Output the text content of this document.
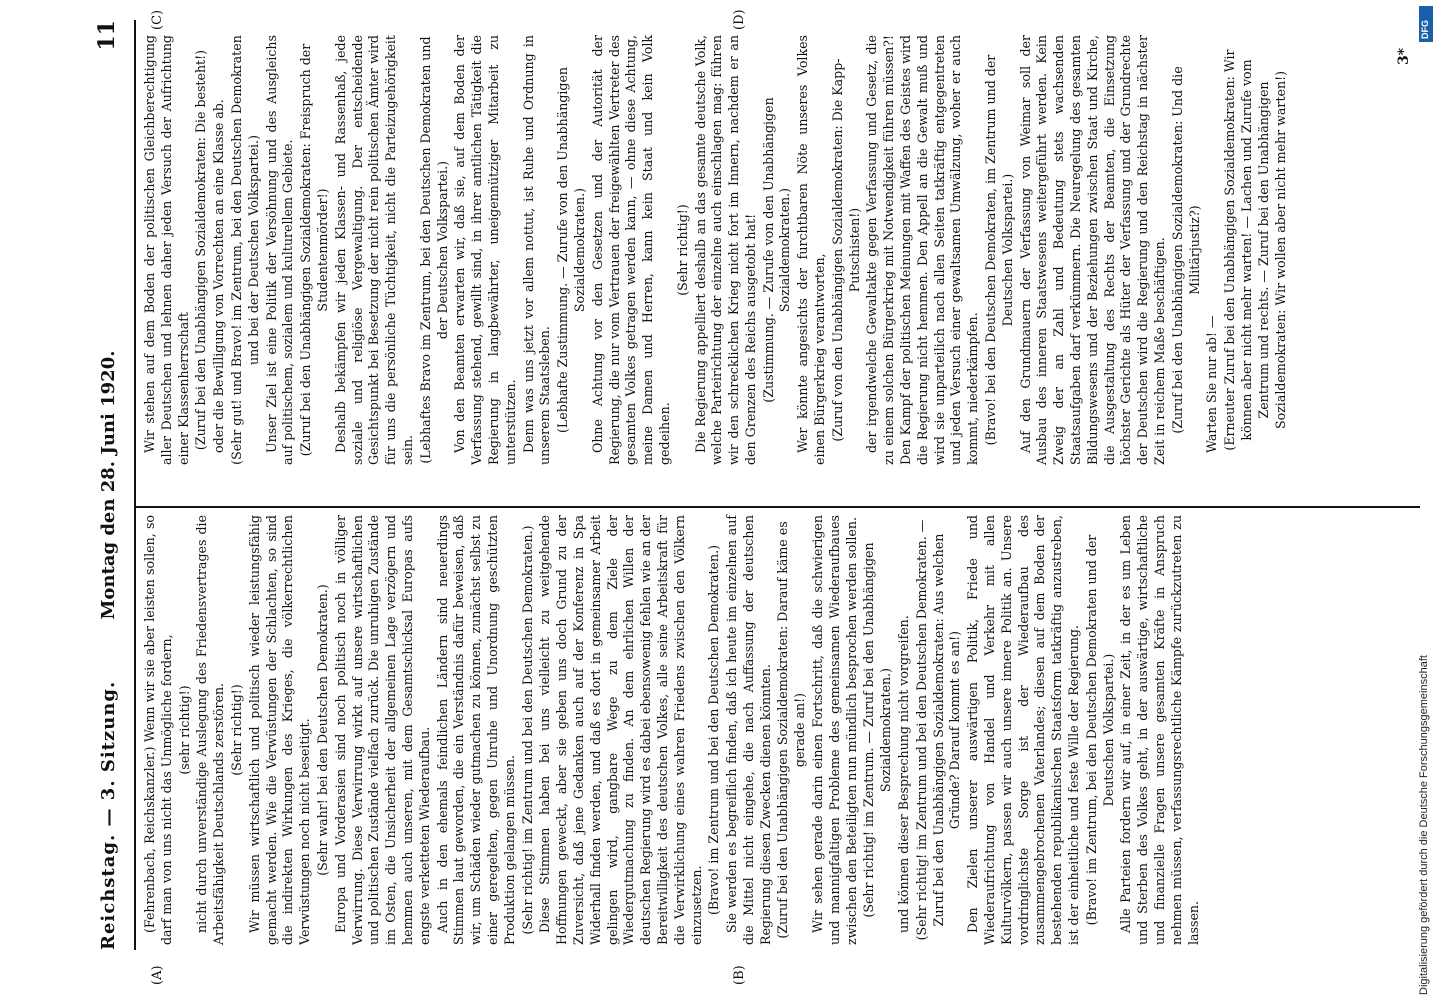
Reichstag. — 3. Sitzung.
Montag den 28. Juni 1920.
11
(A)	(B)
(C)	(D)

(Fehrenbach, Reichskanzler.) Wenn wir sie aber leisten sollen, so darf man von uns nicht das Unmögliche fordern, (sehr richtig!) nicht durch unverständige Auslegung des Friedensvertrages die Arbeitsfähigkeit Deutschlands zerstören. (Sehr richtig!) Wir müssen wirtschaftlich und politisch wieder leistungsfähig gemacht werden. Wie die Verwüstungen der Schlachten, so sind die indirekten Wirkungen des Krieges, die völkerrechtlichen Verwüstungen noch nicht beseitigt. (Sehr wahr! bei den Deutschen Demokraten.) Europa und Vorderasien sind noch politisch noch in völliger Verwirrung. Diese Verwirrung wirkt auf unsere wirtschaftlichen und politischen Zustände vielfach zurück. Die unruhigen Zustände im Osten, die Unsicherheit der allgemeinen Lage verzögern und hemmen auch unseren, mit dem Gesamtschicksal Europas aufs engste verketteten Wiederaufbau. Auch in den ehemals feindlichen Ländern sind neuerdings Stimmen laut geworden, die ein Verständnis dafür beweisen, daß wir, um Schäden wieder gutmachen zu können, zunächst selbst zu einer geregelten, gegen Unruhe und Unordnung geschützten Produktion gelangen müssen. (Sehr richtig! im Zentrum und bei den Deutschen Demokraten.) Diese Stimmen haben bei uns vielleicht zu weitgehende Hoffnungen geweckt, aber sie geben uns doch Grund zu der Zuversicht, daß jene Gedanken auch auf der Konferenz in Spa Widerhall finden werden, und daß es dort in gemeinsamer Arbeit gelingen wird, gangbare Wege zu dem Ziele der Wiedergutmachung zu finden. An dem ehrlichen Willen der deutschen Regierung wird es dabei ebensowenig fehlen wie an der Bereitwilligkeit des deutschen Volkes, alle seine Arbeitskraft für die Verwirklichung eines wahren Friedens zwischen den Völkern einzusetzen. (Bravo! im Zentrum und bei den Deutschen Demokraten.) Sie werden es begreiflich finden, daß ich heute im einzelnen auf die Mittel nicht eingehe, die nach Auffassung der deutschen Regierung diesen Zwecken dienen könnten. (Zuruf bei den Unabhängigen Sozialdemokraten: Darauf käme es gerade an!) Wir sehen gerade darin einen Fortschritt, daß die schwierigen und mannigfaltigen Probleme des gemeinsamen Wiederaufbaues zwischen den Beteiligten nun mündlich besprochen werden sollen. (Sehr richtig! im Zentrum. — Zuruf bei den Unabhängigen Sozialdemokraten.) und können dieser Besprechung nicht vorgreifen. (Sehr richtig! im Zentrum und bei den Deutschen Demokraten. — Zuruf bei den Unabhängigen Sozialdemokraten: Aus welchen Gründe? Darauf kommt es an!) Den Zielen unserer auswärtigen Politik, Friede und Wiederaufrichtung von Handel und Verkehr mit allen Kulturvölkern, passen wir auch unsere innere Politik an. Unsere vordringlichste Sorge ist der Wiederaufbau des zusammengebrochenen Vaterlandes; diesen auf dem Boden der bestehenden republikanischen Staatsform tatkräftig anzustreben, ist der einheitliche und feste Wille der Regierung. (Bravo! im Zentrum, bei den Deutschen Demokraten und der Deutschen Volkspartei.) Alle Parteien fordern wir auf, in einer Zeit, in der es um Leben und Sterben des Volkes geht, in der auswärtige, wirtschaftliche und finanzielle Fragen unsere gesamten Kräfte in Anspruch nehmen müssen, verfassungsrechtliche Kämpfe zurückzutreten zu lassen.

Wir stehen auf dem Boden der politischen Gleichberechtigung aller Deutschen und lehnen daher jeden Versuch der Aufrichtung einer Klassenherrschaft (Zuruf bei den Unabhängigen Sozialdemokraten: Die besteht!) oder die Bewilligung von Vorrechten an eine Klasse ab. (Sehr gut! und Bravo! im Zentrum, bei den Deutschen Demokraten und bei der Deutschen Volkspartei.) Unser Ziel ist eine Politik der Versöhnung und des Ausgleichs auf politischem, sozialem und kulturellem Gebiete. (Zuruf bei den Unabhängigen Sozialdemokraten: Freispruch der Studentenmörder!) Deshalb bekämpfen wir jeden Klassen- und Rassenhaß, jede soziale und religiöse Vergewaltigung. Der entscheidende Gesichtspunkt bei Besetzung der nicht rein politischen Ämter wird für uns die persönliche Tüchtigkeit, nicht die Parteizugehörigkeit sein. (Lebhaftes Bravo im Zentrum, bei den Deutschen Demokraten und der Deutschen Volkspartei.) Von den Beamten erwarten wir, daß sie, auf dem Boden der Verfassung stehend, gewillt sind, in ihrer amtlichen Tätigkeit die Regierung in langbewährter, uneigennütziger Mitarbeit zu unterstützen. Denn was uns jetzt vor allem nottut, ist Ruhe und Ordnung in unserem Staatsleben. (Lebhafte Zustimmung. — Zurufe von den Unabhängigen Sozialdemokraten.) Ohne Achtung vor den Gesetzen und der Autorität der Regierung, die nur vom Vertrauen der freigewählten Vertreter des gesamten Volkes getragen werden kann, — ohne diese Achtung, meine Damen und Herren, kann kein Staat und kein Volk gedeihen.

(Sehr richtig!) Die Regierung appelliert deshalb an das gesamte deutsche Volk, welche Parteirichtung der einzelne auch einschlagen mag: führen wir den schrecklichen Krieg nicht fort im Innern, nachdem er an den Grenzen des Reichs ausgetobt hat! (Zustimmung. — Zurufe von den Unabhängigen Sozialdemokraten.) Wer könnte angesichts der furchtbaren Nöte unseres Volkes einen Bürgerkrieg verantworten, (Zuruf von den Unabhängigen Sozialdemokraten: Die Kapp-Putschisten!) der irgendwelche Gewaltakte gegen Verfassung und Gesetz, die zu einem solchen Bürgerkrieg mit Notwendigkeit führen müssen?! Den Kampf der politischen Meinungen mit Waffen des Geistes wird die Regierung nicht hemmen. Den Appell an die Gewalt muß und wird sie unparteilich nach allen Seiten tatkräftig entgegentreten und jeden Versuch einer gewaltsamen Umwälzung, woher er auch kommt, niederkämpfen. (Bravo! bei den Deutschen Demokraten, im Zentrum und der Deutschen Volkspartei.) Auf den Grundmauern der Verfassung von Weimar soll der Ausbau des inneren Staatswesens weitergeführt werden. Kein Zweig der an Zahl und Bedeutung stets wachsenden Staatsaufgaben darf verkümmern. Die Neuregelung des gesamten Bildungswesens und der Beziehungen zwischen Staat und Kirche, die Ausgestaltung des Rechts der Beamten, die Einsetzung höchster Gerichte als Hüter der Verfassung und der Grundrechte der Deutschen wird die Regierung und den Reichstag in nächster Zeit in reichem Maße beschäftigen. (Zuruf bei den Unabhängigen Sozialdemokraten: Und die Militärjustiz?)

Warten Sie nur ab! — (Erneuter Zuruf bei den Unabhängigen Sozialdemokraten: Wir können aber nicht mehr warten! — Lachen und Zurufe vom Zentrum und rechts. — Zuruf bei den Unabhängigen Sozialdemokraten: Wir wollen aber nicht mehr warten!)

3*
DFG
Digitalisierung gefördert durch die Deutsche Forschungsgemeinschaft
